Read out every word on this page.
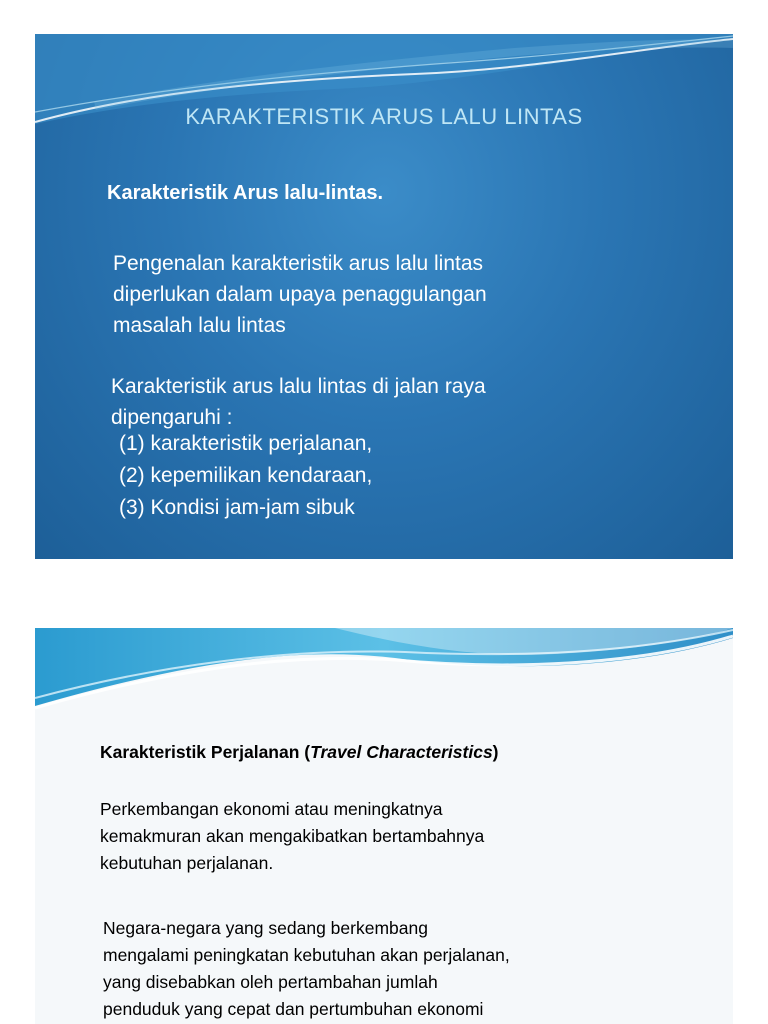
KARAKTERISTIK ARUS LALU LINTAS
Karakteristik Arus lalu-lintas.
Pengenalan karakteristik arus lalu lintas
diperlukan dalam upaya penaggulangan
masalah lalu lintas
Karakteristik arus lalu lintas di jalan raya
dipengaruhi :
(1) karakteristik perjalanan,
(2) kepemilikan kendaraan,
(3) Kondisi jam-jam sibuk
Karakteristik Perjalanan (Travel Characteristics)
Perkembangan ekonomi atau meningkatnya
kemakmuran akan mengakibatkan bertambahnya
kebutuhan perjalanan.
Negara-negara yang sedang berkembang
mengalami peningkatan kebutuhan akan perjalanan,
yang disebabkan oleh pertambahan jumlah
penduduk yang cepat dan pertumbuhan ekonomi
